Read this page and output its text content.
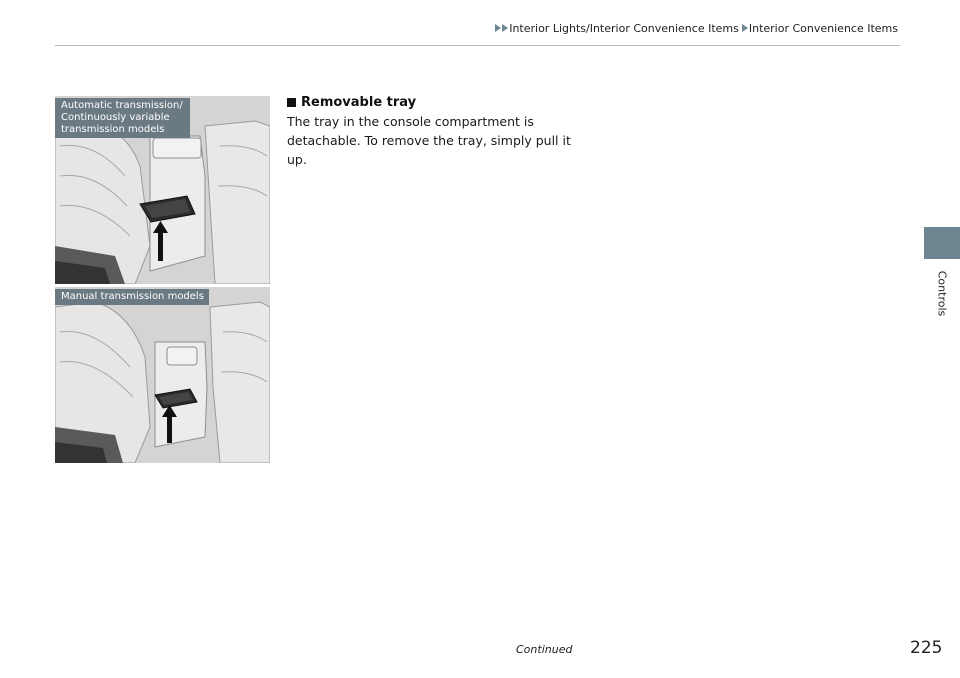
Interior Lights/Interior Convenience Items Interior Convenience Items
Controls
Automatic transmission/ Continuously variable transmission models
Manual transmission models
Removable tray
The tray in the console compartment is detachable. To remove the tray, simply pull it up.
Continued	225
